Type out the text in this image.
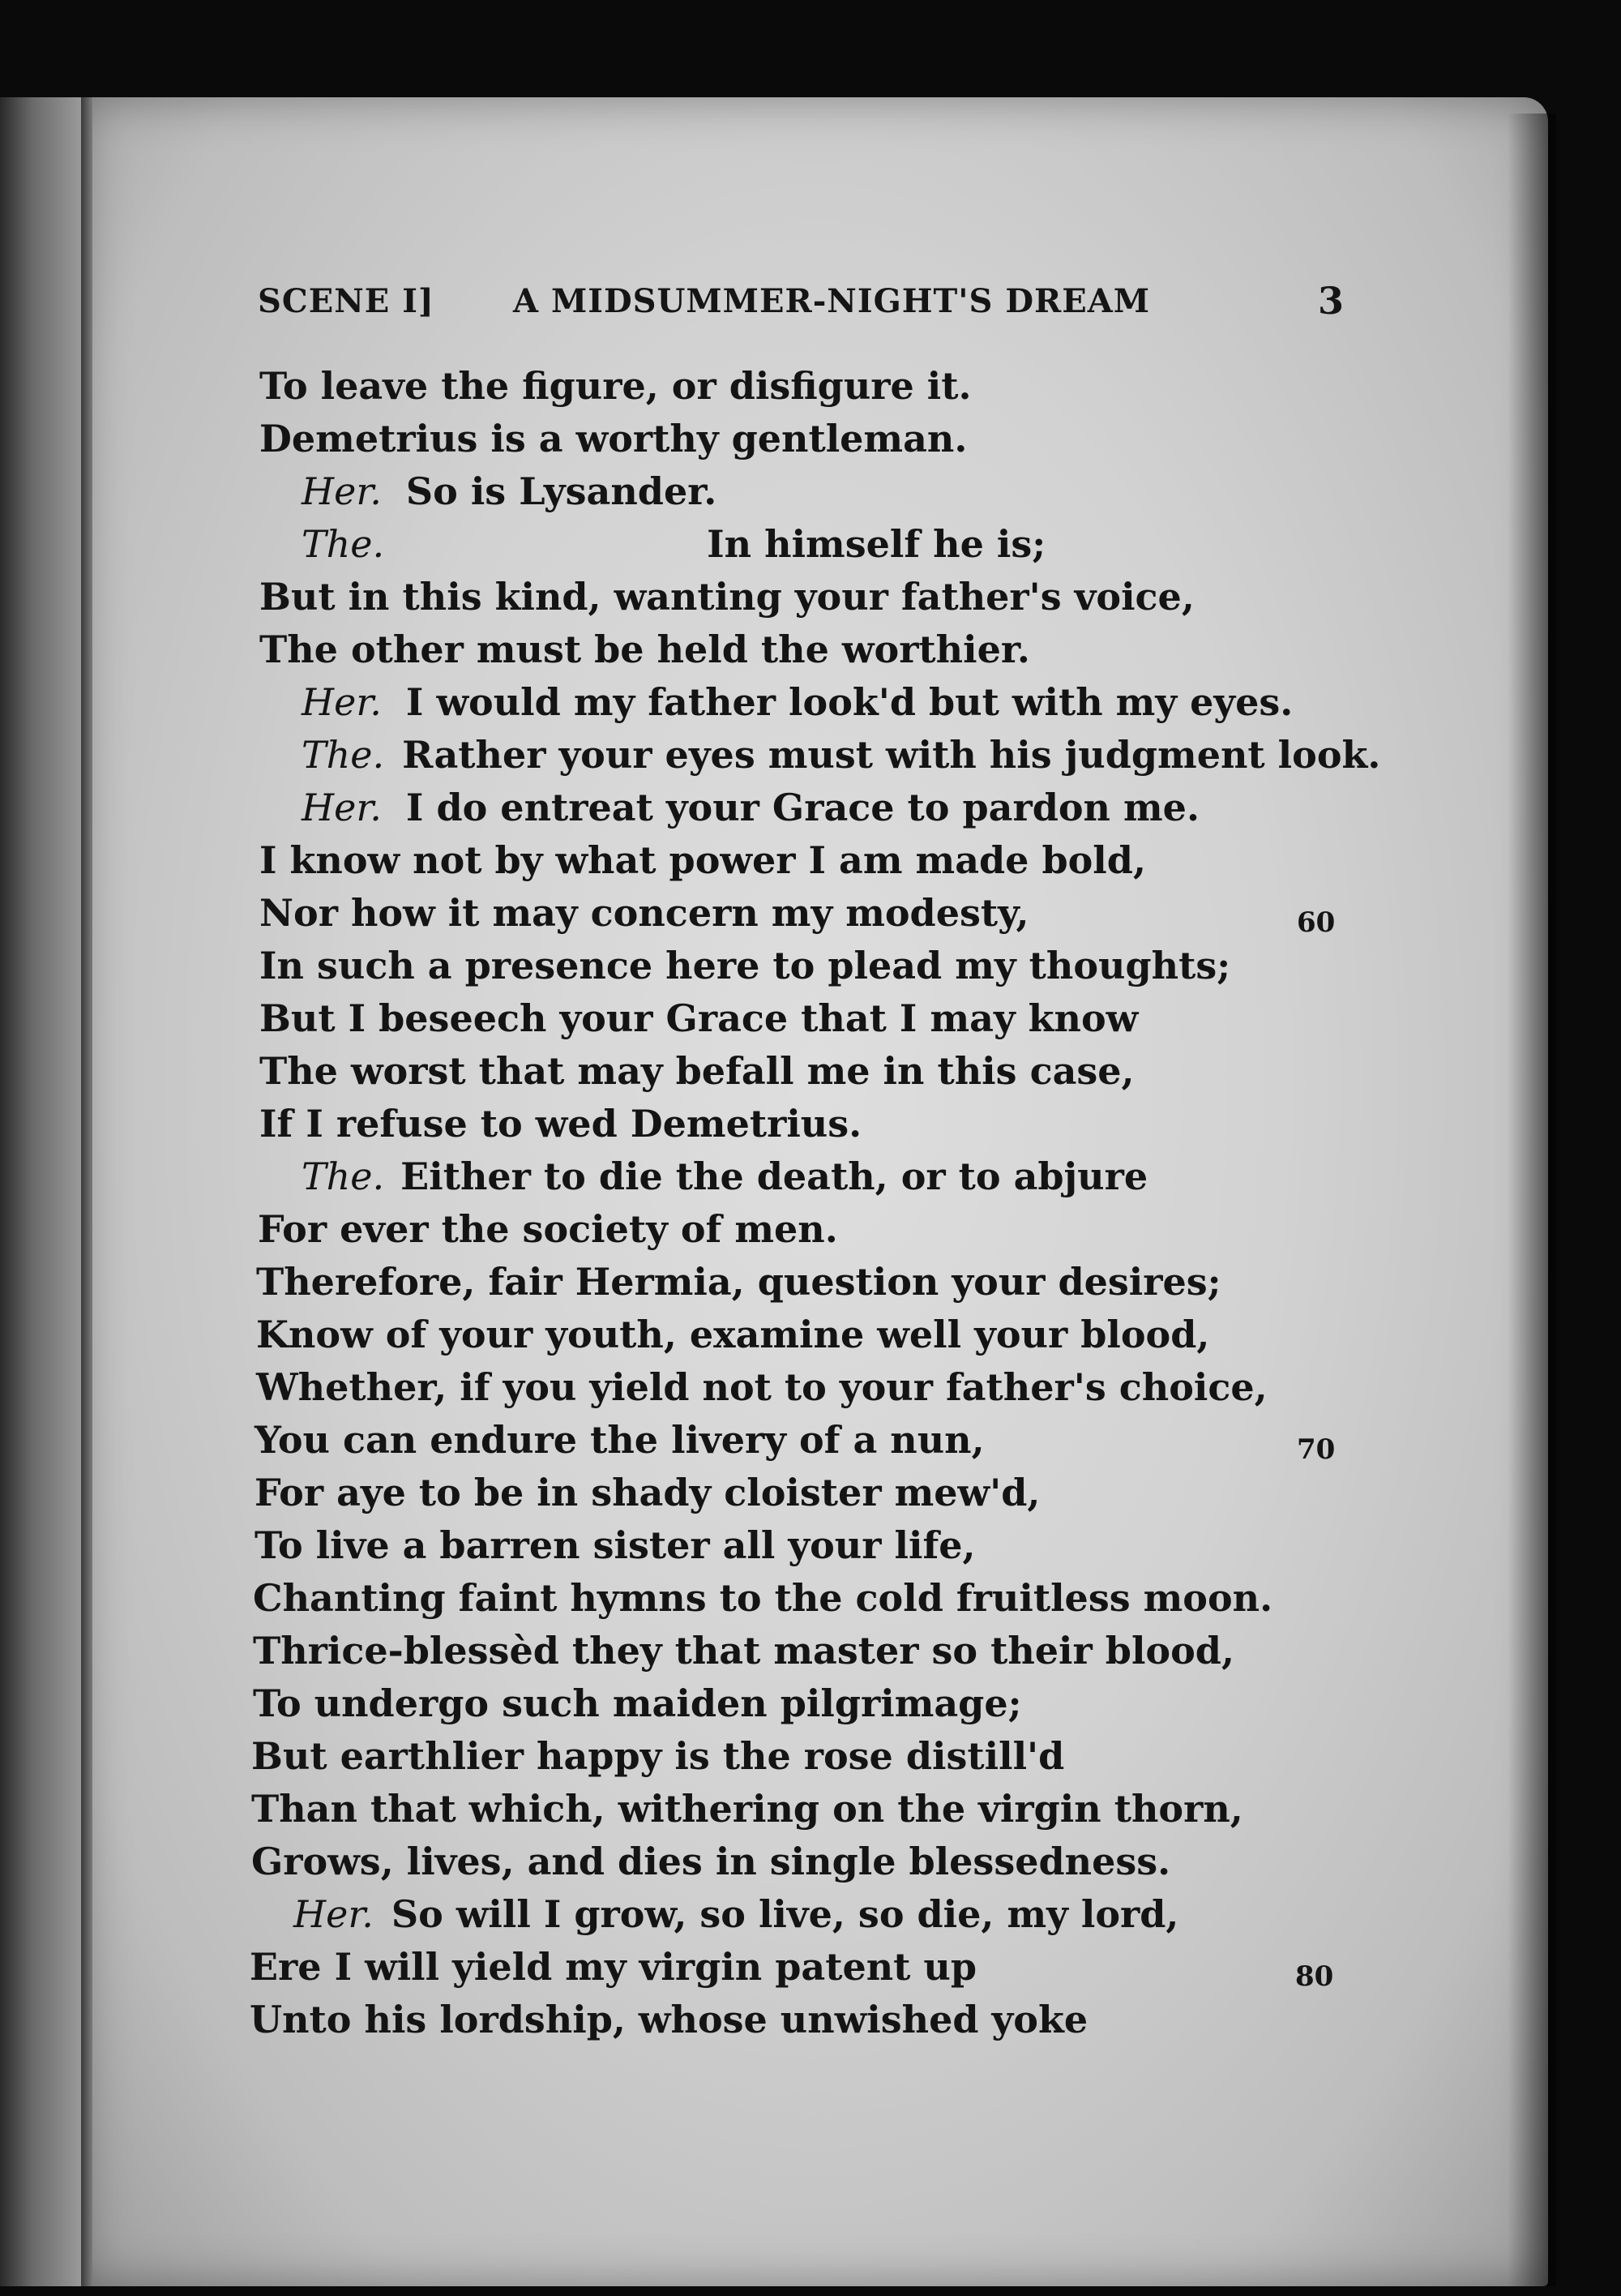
SCENE I] A MIDSUMMER-NIGHT'S DREAM	3
To leave the figure, or disfigure it.
Demetrius is a worthy gentleman.
Her. So is Lysander.
The.	In himself he is;
But in this kind, wanting your father's voice,
The other must be held the worthier.
Her. I would my father look'd but with my eyes.
The. Rather your eyes must with his judgment look.
Her. I do entreat your Grace to pardon me.
I know not by what power I am made bold,
Nor how it may concern my modesty,
In such a presence here to plead my thoughts;
But I beseech your Grace that I may know
The worst that may befall me in this case,
If I refuse to wed Demetrius.
The. Either to die the death, or to abjure
For ever the society of men.
Therefore, fair Hermia, question your desires;
Know of your youth, examine well your blood,
Whether, if you yield not to your father's choice,
You can endure the livery of a nun,
For aye to be in shady cloister mew'd,
To live a barren sister all your life,
Chanting faint hymns to the cold fruitless moon.
Thrice-blessèd they that master so their blood,
To undergo such maiden pilgrimage;
But earthlier happy is the rose distill'd
Than that which, withering on the virgin thorn,
Grows, lives, and dies in single blessedness.
Her. So will I grow, so live, so die, my lord,
Ere I will yield my virgin patent up
Unto his lordship, whose unwished yoke
60
70
80
